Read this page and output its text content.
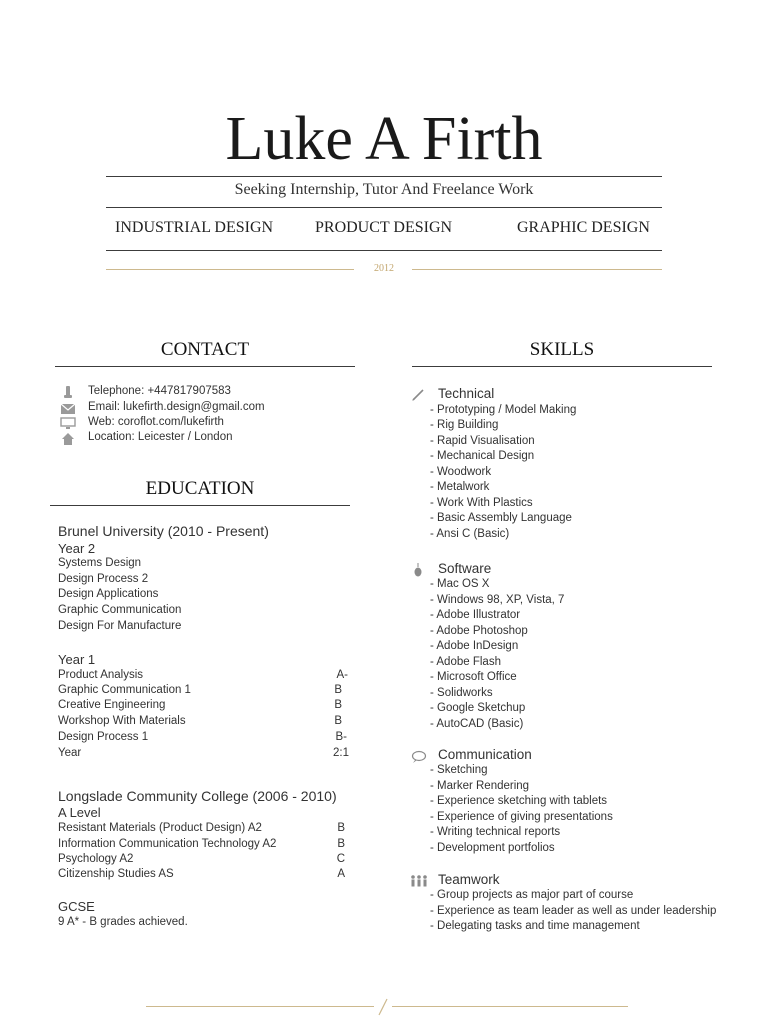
Luke A Firth
Seeking Internship, Tutor And Freelance Work
INDUSTRIAL DESIGN	PRODUCT DESIGN	GRAPHIC DESIGN
2012
CONTACT
Telephone: +447817907583
Email: lukefirth.design@gmail.com
Web: coroflot.com/lukefirth
Location: Leicester / London
EDUCATION
Brunel University (2010 - Present)
Year 2
Systems Design
Design Process 2
Design Applications
Graphic Communication
Design For Manufacture
Year 1
Product Analysis	A-
Graphic Communication 1	B
Creative Engineering	B
Workshop With Materials	B
Design Process 1	B-
Year	2:1
Longslade Community College (2006 - 2010)
A Level
Resistant Materials (Product Design) A2	B
Information Communication Technology A2	B
Psychology A2	C
Citizenship Studies AS	A
GCSE
9 A* - B grades achieved.
SKILLS
Technical
- Prototyping / Model Making
- Rig Building
- Rapid Visualisation
- Mechanical Design
- Woodwork
- Metalwork
- Work With Plastics
- Basic Assembly Language
- Ansi C (Basic)
Software
- Mac OS X
- Windows 98, XP, Vista, 7
- Adobe Illustrator
- Adobe Photoshop
- Adobe InDesign
- Adobe Flash
- Microsoft Office
- Solidworks
- Google Sketchup
- AutoCAD (Basic)
Communication
- Sketching
- Marker Rendering
- Experience sketching with tablets
- Experience of giving presentations
- Writing technical reports
- Development portfolios
Teamwork
- Group projects as major part of course
- Experience as team leader as well as under leadership
- Delegating tasks and time management
